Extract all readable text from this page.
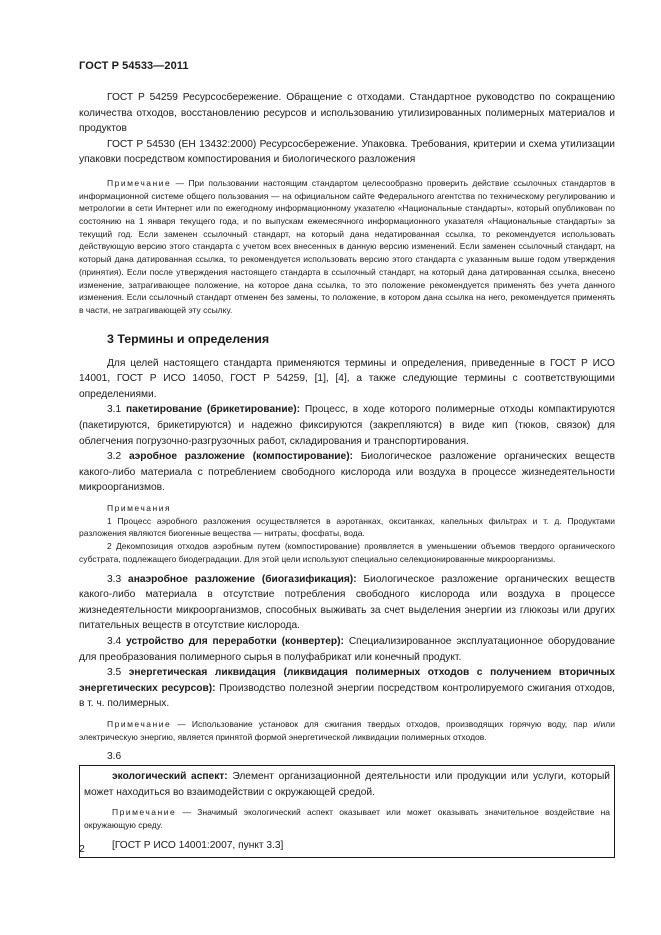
ГОСТ Р 54533—2011

ГОСТ Р 54259 Ресурсосбережение. Обращение с отходами. Стандартное руководство по сокращению количества отходов, восстановлению ресурсов и использованию утилизированных полимерных материалов и продуктов

ГОСТ Р 54530 (ЕН 13432:2000) Ресурсосбережение. Упаковка. Требования, критерии и схема утилизации упаковки посредством компостирования и биологического разложения

Примечание — При пользовании настоящим стандартом целесообразно проверить действие ссылочных стандартов в информационной системе общего пользования — на официальном сайте Федерального агентства по техническому регулированию и метрологии в сети Интернет или по ежегодному информационному указателю «Национальные стандарты», который опубликован по состоянию на 1 января текущего года, и по выпускам ежемесячного информационного указателя «Национальные стандарты» за текущий год. Если заменен ссылочный стандарт, на который дана недатированная ссылка, то рекомендуется использовать действующую версию этого стандарта с учетом всех внесенных в данную версию изменений. Если заменен ссылочный стандарт, на который дана датированная ссылка, то рекомендуется использовать версию этого стандарта с указанным выше годом утверждения (принятия). Если после утверждения настоящего стандарта в ссылочный стандарт, на который дана датированная ссылка, внесено изменение, затрагивающее положение, на которое дана ссылка, то это положение рекомендуется применять без учета данного изменения. Если ссылочный стандарт отменен без замены, то положение, в котором дана ссылка на него, рекомендуется применять в части, не затрагивающей эту ссылку.

3 Термины и определения

Для целей настоящего стандарта применяются термины и определения, приведенные в ГОСТ Р ИСО 14001, ГОСТ Р ИСО 14050, ГОСТ Р 54259, [1], [4], а также следующие термины с соответствующими определениями.

3.1 пакетирование (брикетирование): Процесс, в ходе которого полимерные отходы компактируются (пакетируются, брикетируются) и надежно фиксируются (закрепляются) в виде кип (тюков, связок) для облегчения погрузочно-разгрузочных работ, складирования и транспортирования.

3.2 аэробное разложение (компостирование): Биологическое разложение органических веществ какого-либо материала с потреблением свободного кислорода или воздуха в процессе жизнедеятельности микроорганизмов.

Примечания

1 Процесс аэробного разложения осуществляется в аэротанках, окситанках, капельных фильтрах и т. д. Продуктами разложения являются биогенные вещества — нитраты, фосфаты, вода.

2 Декомпозиция отходов аэробным путем (компостирование) проявляется в уменьшении объемов твердого органического субстрата, подлежащего биодеградации. Для этой цели используют специально селекционированные микроорганизмы.

3.3 анаэробное разложение (биогазификация): Биологическое разложение органических веществ какого-либо материала в отсутствие потребления свободного кислорода или воздуха в процессе жизнедеятельности микроорганизмов, способных выживать за счет выделения энергии из глюкозы или других питательных веществ в отсутствие кислорода.

3.4 устройство для переработки (конвертер): Специализированное эксплуатационное оборудование для преобразования полимерного сырья в полуфабрикат или конечный продукт.

3.5 энергетическая ликвидация (ликвидация полимерных отходов с получением вторичных энергетических ресурсов): Производство полезной энергии посредством контролируемого сжигания отходов, в т. ч. полимерных.

Примечание — Использование установок для сжигания твердых отходов, производящих горячую воду, пар и/или электрическую энергию, является принятой формой энергетической ликвидации полимерных отходов.

3.6

экологический аспект: Элемент организационной деятельности или продукции или услуги, который может находиться во взаимодействии с окружающей средой.

Примечание — Значимый экологический аспект оказывает или может оказывать значительное воздействие на окружающую среду.

[ГОСТ Р ИСО 14001:2007, пункт 3.3]

2
